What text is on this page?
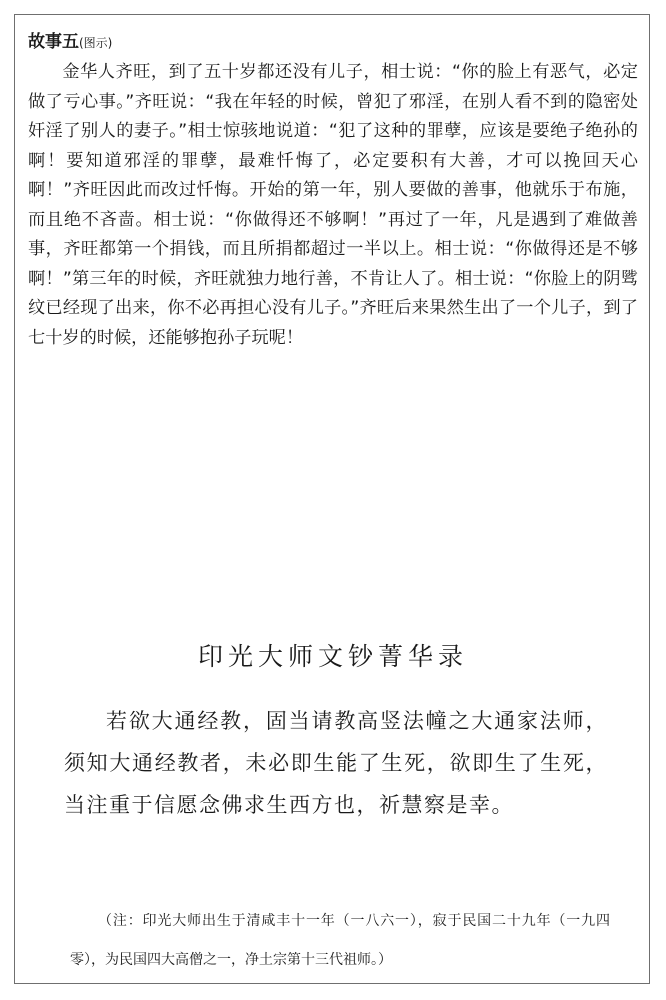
故事五(图示)

金华人齐旺，到了五十岁都还没有儿子，相士说：“你的脸上有恶气，必定做了亏心事。”齐旺说：“我在年轻的时候，曾犯了邪淫，在别人看不到的隐密处奸淫了别人的妻子。”相士惊骇地说道：“犯了这种的罪孽，应该是要绝子绝孙的啊！要知道邪淫的罪孽，最难忏悔了，必定要积有大善，才可以挽回天心啊！”齐旺因此而改过忏悔。开始的第一年，别人要做的善事，他就乐于布施，而且绝不吝啬。相士说：“你做得还不够啊！”再过了一年，凡是遇到了难做善事，齐旺都第一个捐钱，而且所捐都超过一半以上。相士说：“你做得还是不够啊！”第三年的时候，齐旺就独力地行善，不肯让人了。相士说：“你脸上的阴骘纹已经现了出来，你不必再担心没有儿子。”齐旺后来果然生出了一个儿子，到了七十岁的时候，还能够抱孙子玩呢！

印光大师文钞菁华录

若欲大通经教，固当请教高竖法幢之大通家法师，须知大通经教者，未必即生能了生死，欲即生了生死，当注重于信愿念佛求生西方也，祈慧察是幸。

（注：印光大师出生于清咸丰十一年（一八六一），寂于民国二十九年（一九四零），为民国四大高僧之一，净土宗第十三代祖师。）
